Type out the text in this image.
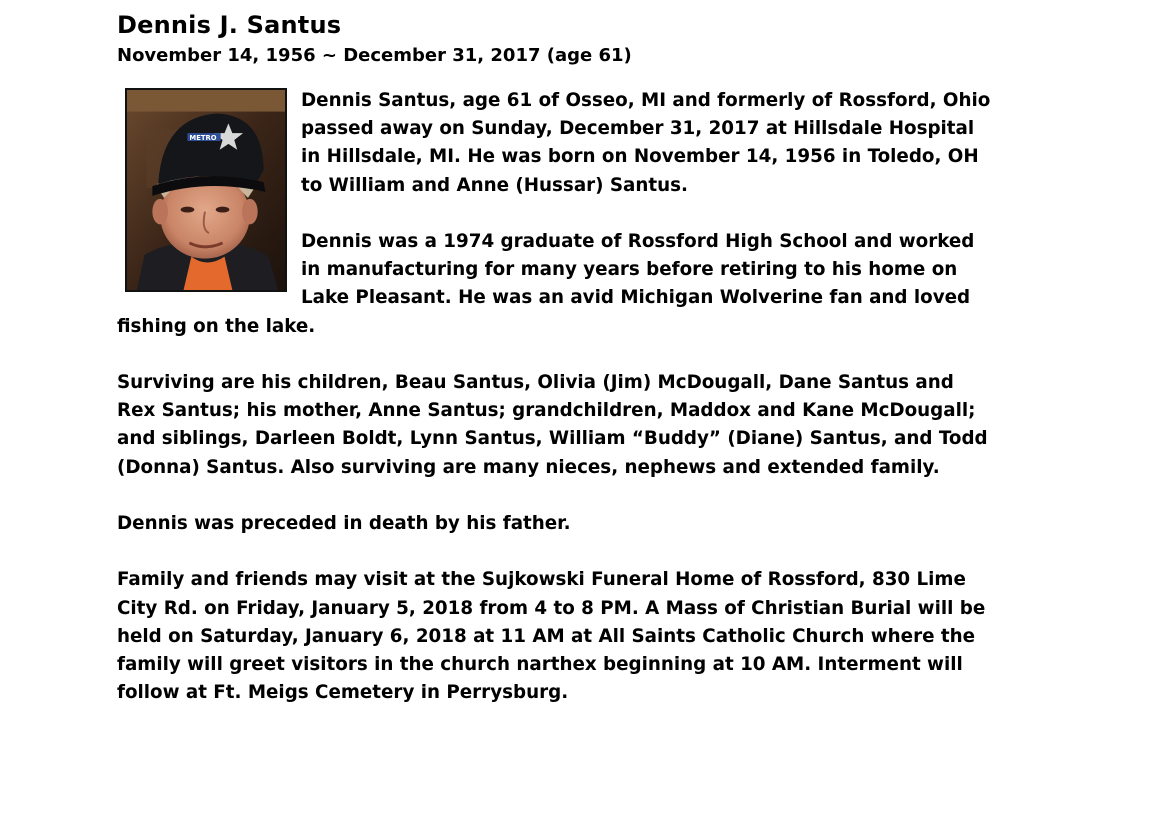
Dennis J. Santus
November 14, 1956 ~ December 31, 2017 (age 61)
METRO

Dennis Santus, age 61 of Osseo, MI and formerly of Rossford, Ohio passed away on Sunday, December 31, 2017 at Hillsdale Hospital in Hillsdale, MI. He was born on November 14, 1956 in Toledo, OH to William and Anne (Hussar) Santus.

Dennis was a 1974 graduate of Rossford High School and worked in manufacturing for many years before retiring to his home on Lake Pleasant. He was an avid Michigan Wolverine fan and loved fishing on the lake.

Surviving are his children, Beau Santus, Olivia (Jim) McDougall, Dane Santus and Rex Santus; his mother, Anne Santus; grandchildren, Maddox and Kane McDougall; and siblings, Darleen Boldt, Lynn Santus, William “Buddy” (Diane) Santus, and Todd (Donna) Santus. Also surviving are many nieces, nephews and extended family.

Dennis was preceded in death by his father.

Family and friends may visit at the Sujkowski Funeral Home of Rossford, 830 Lime City Rd. on Friday, January 5, 2018 from 4 to 8 PM. A Mass of Christian Burial will be held on Saturday, January 6, 2018 at 11 AM at All Saints Catholic Church where the family will greet visitors in the church narthex beginning at 10 AM. Interment will follow at Ft. Meigs Cemetery in Perrysburg.
